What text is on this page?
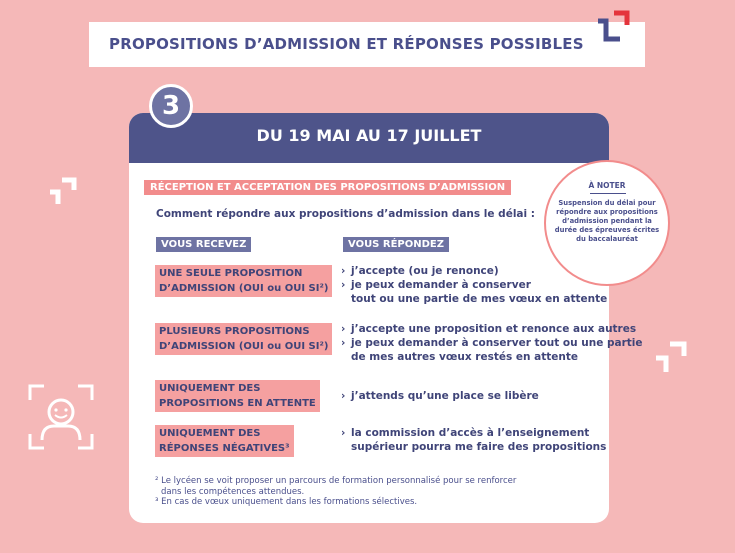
PROPOSITIONS D’ADMISSION ET RÉPONSES POSSIBLES
DU 19 MAI AU 17 JUILLET
3
RÉCEPTION ET ACCEPTATION DES PROPOSITIONS D’ADMISSION
Comment répondre aux propositions d’admission dans le délai :
VOUS RECEVEZ	VOUS RÉPONDEZ
UNE SEULE PROPOSITION
D’ADMISSION (OUI ou OUI SI²)
› j’accepte (ou je renonce)
› je peux demander à conserver
tout ou une partie de mes vœux en attente
PLUSIEURS PROPOSITIONS
D’ADMISSION (OUI ou OUI SI²)
› j’accepte une proposition et renonce aux autres
› je peux demander à conserver tout ou une partie
de mes autres vœux restés en attente
UNIQUEMENT DES
PROPOSITIONS EN ATTENTE
› j’attends qu’une place se libère
UNIQUEMENT DES
RÉPONSES NÉGATIVES³
› la commission d’accès à l’enseignement
supérieur pourra me faire des propositions
² Le lycéen se voit proposer un parcours de formation personnalisé pour se renforcer
dans les compétences attendues.
³ En cas de vœux uniquement dans les formations sélectives.
À NOTER
Suspension du délai pour
répondre aux propositions
d’admission pendant la
durée des épreuves écrites
du baccalauréat
